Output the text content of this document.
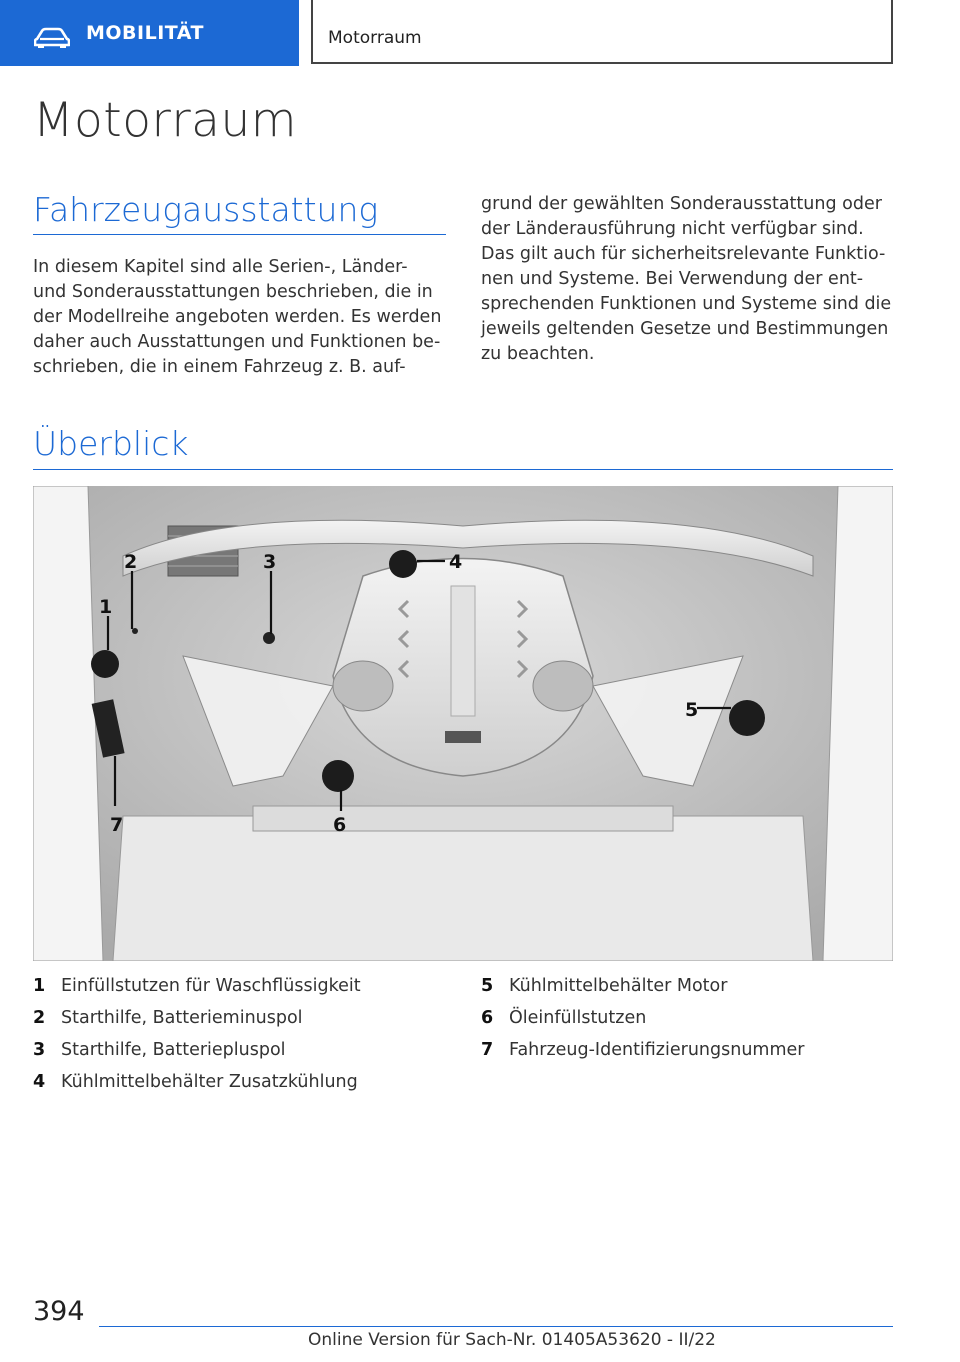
MOBILITÄT	Motorraum
Motorraum
Fahrzeugausstattung

In diesem Kapitel sind alle Serien-, Länder-
und Sonderausstattungen beschrieben, die in
der Modellreihe angeboten werden. Es werden
daher auch Ausstattungen und Funktionen be-
schrieben, die in einem Fahrzeug z. B. auf-

grund der gewählten Sonderausstattung oder
der Länderausführung nicht verfügbar sind.
Das gilt auch für sicherheitsrelevante Funktio-
nen und Systeme. Bei Verwendung der ent-
sprechenden Funktionen und Systeme sind die
jeweils geltenden Gesetze und Bestimmungen
zu beachten.

Überblick
1
2	3	4
5
6
7
1 Einfüllstutzen für Waschflüssigkeit
2 Starthilfe, Batterieminuspol
3 Starthilfe, Batteriepluspol
4 Kühlmittelbehälter Zusatzkühlung
5 Kühlmittelbehälter Motor
6 Öleinfüllstutzen
7 Fahrzeug-Identifizierungsnummer
394
Online Version für Sach-Nr. 01405A53620 - II/22
